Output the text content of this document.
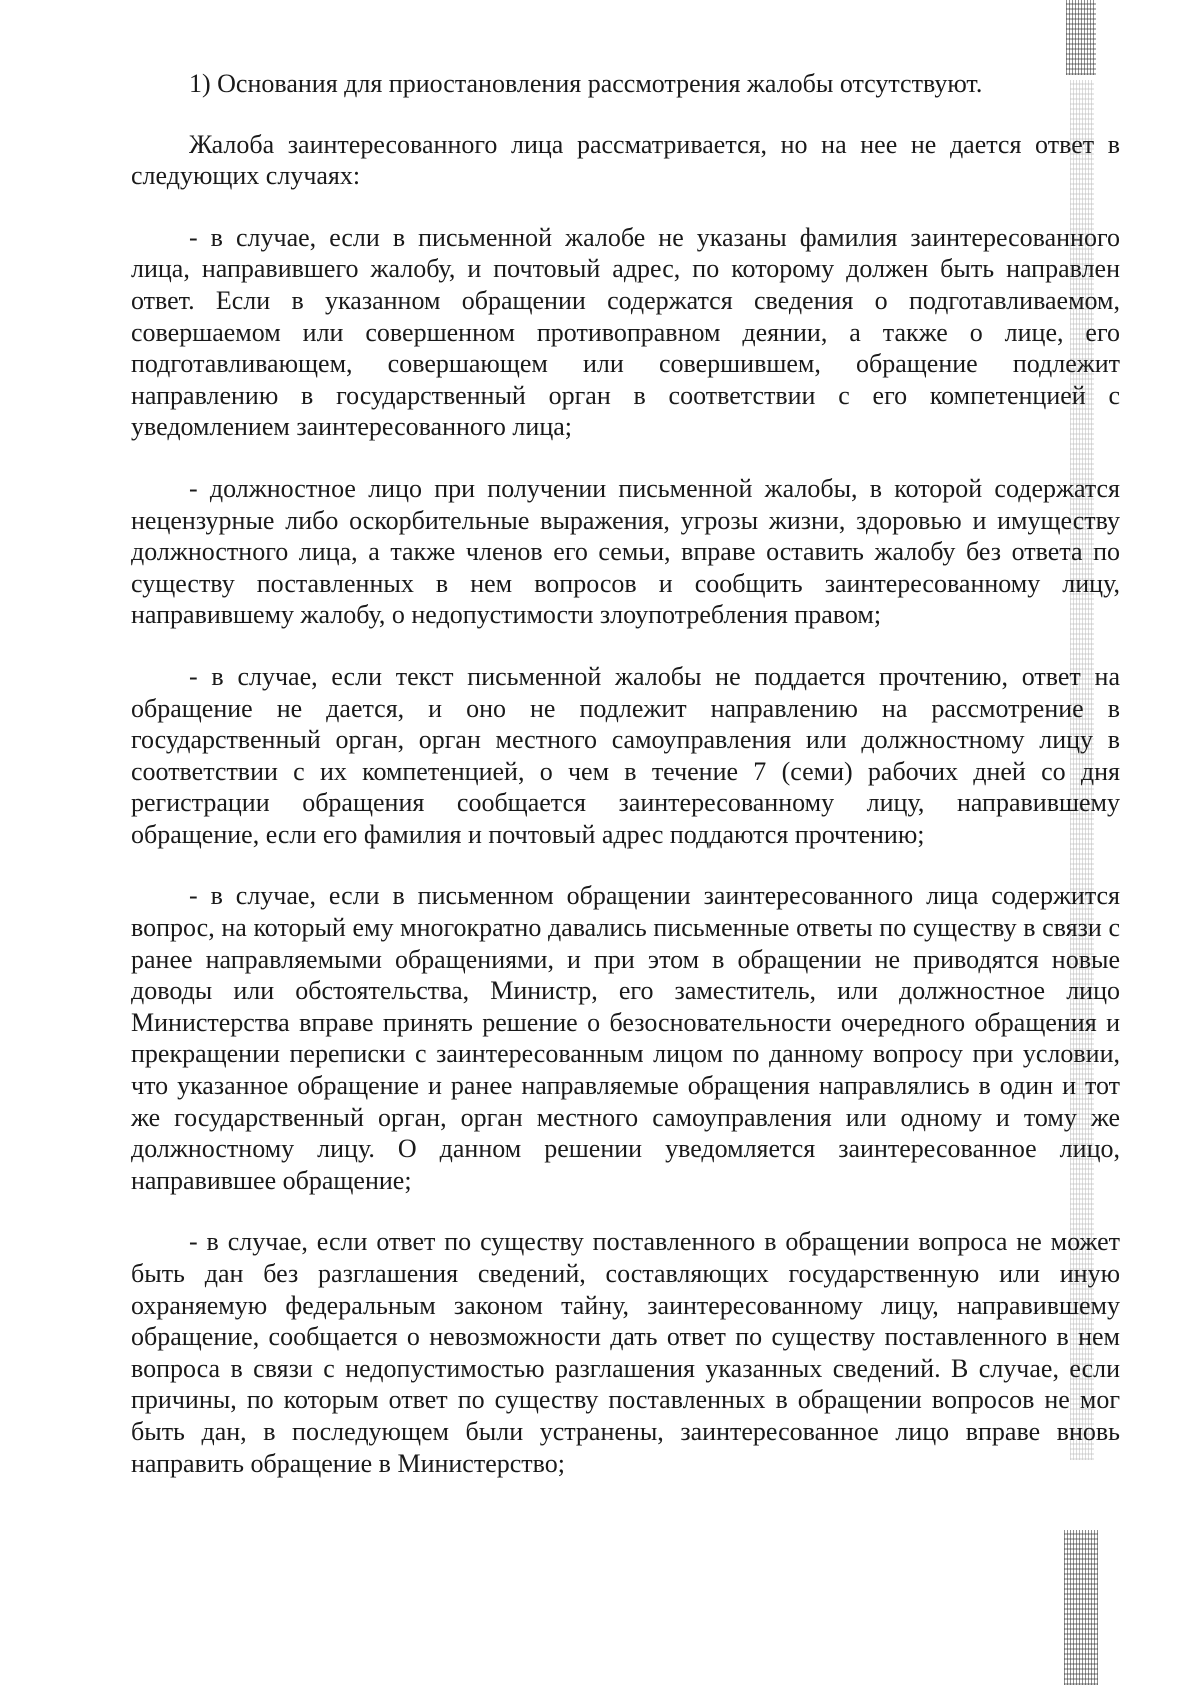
1) Основания для приостановления рассмотрения жалобы отсутствуют.

Жалоба заинтересованного лица рассматривается, но на нее не дается ответ в следующих случаях:

- в случае, если в письменной жалобе не указаны фамилия заинтересованного лица, направившего жалобу, и почтовый адрес, по которому должен быть направлен ответ. Если в указанном обращении содержатся сведения о подготавливаемом, совершаемом или совершенном противоправном деянии, а также о лице, его подготавливающем, совершающем или совершившем, обращение подлежит направлению в государственный орган в соответствии с его компетенцией с уведомлением заинтересованного лица;

- должностное лицо при получении письменной жалобы, в которой содержатся нецензурные либо оскорбительные выражения, угрозы жизни, здоровью и имуществу должностного лица, а также членов его семьи, вправе оставить жалобу без ответа по существу поставленных в нем вопросов и сообщить заинтересованному лицу, направившему жалобу, о недопустимости злоупотребления правом;

- в случае, если текст письменной жалобы не поддается прочтению, ответ на обращение не дается, и оно не подлежит направлению на рассмотрение в государственный орган, орган местного самоуправления или должностному лицу в соответствии с их компетенцией, о чем в течение 7 (семи) рабочих дней со дня регистрации обращения сообщается заинтересованному лицу, направившему обращение, если его фамилия и почтовый адрес поддаются прочтению;

- в случае, если в письменном обращении заинтересованного лица содержится вопрос, на который ему многократно давались письменные ответы по существу в связи с ранее направляемыми обращениями, и при этом в обращении не приводятся новые доводы или обстоятельства, Министр, его заместитель, или должностное лицо Министерства вправе принять решение о безосновательности очередного обращения и прекращении переписки с заинтересованным лицом по данному вопросу при условии, что указанное обращение и ранее направляемые обращения направлялись в один и тот же государственный орган, орган местного самоуправления или одному и тому же должностному лицу. О данном решении уведомляется заинтересованное лицо, направившее обращение;

- в случае, если ответ по существу поставленного в обращении вопроса не может быть дан без разглашения сведений, составляющих государственную или иную охраняемую федеральным законом тайну, заинтересованному лицу, направившему обращение, сообщается о невозможности дать ответ по существу поставленного в нем вопроса в связи с недопустимостью разглашения указанных сведений. В случае, если причины, по которым ответ по существу поставленных в обращении вопросов не мог быть дан, в последующем были устранены, заинтересованное лицо вправе вновь направить обращение в Министерство;
